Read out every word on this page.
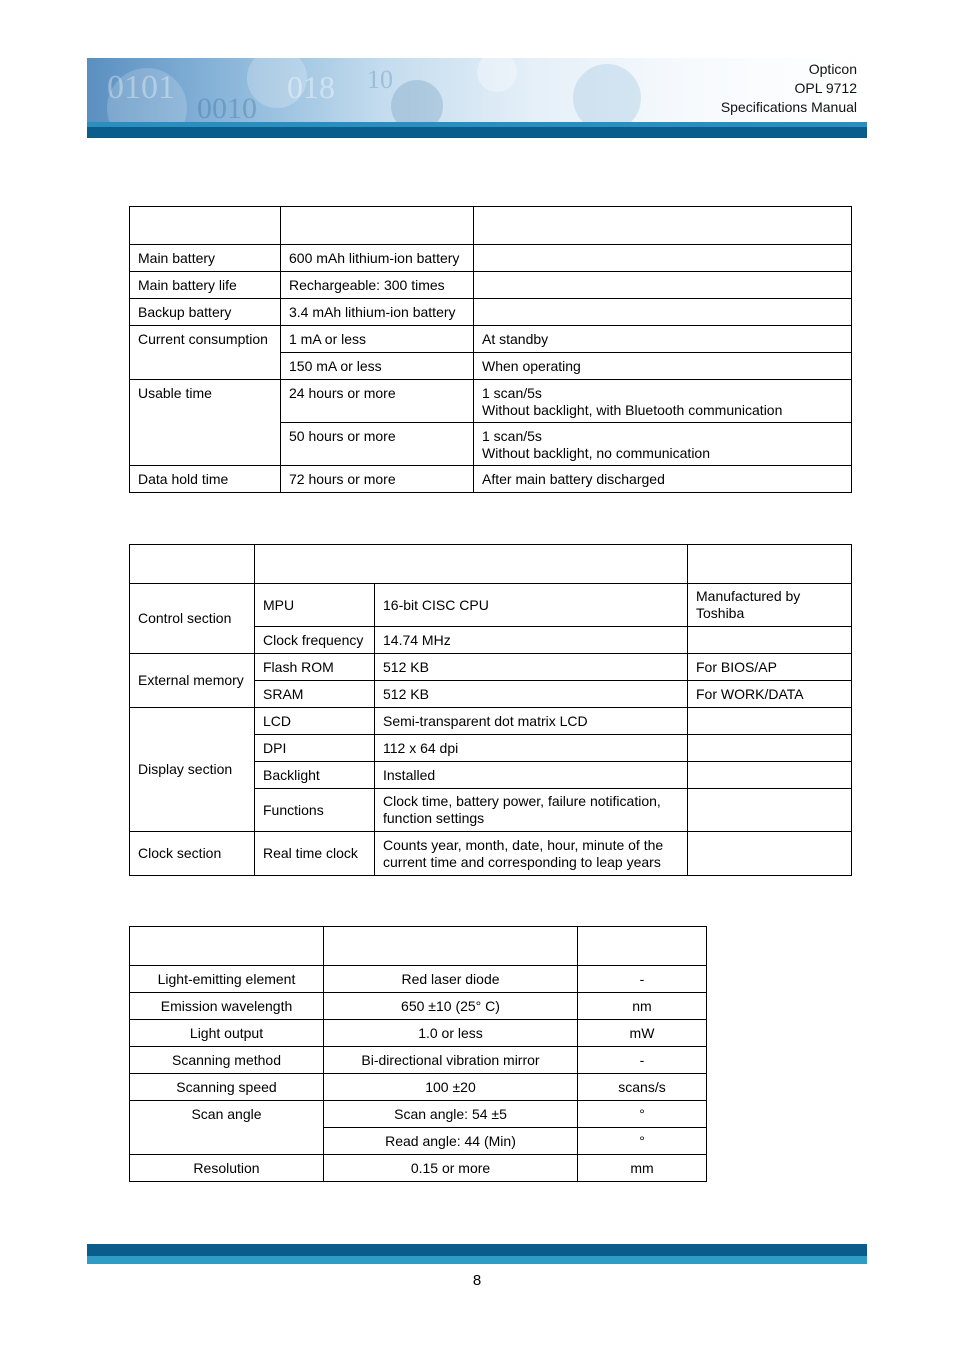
0101
0010
018 10	Opticon
OPL 9712
Specifications Manual

Main battery	600 mAh lithium-ion battery	
Main battery life	Rechargeable: 300 times	
Backup battery	3.4 mAh lithium-ion battery	
Current consumption	1 mA or less	At standby
	150 mA or less	When operating
Usable time	24 hours or more	1 scan/5s
Without backlight, with Bluetooth communication

	50 hours or more	1 scan/5s
Without backlight, no communication

Data hold time	72 hours or more	After main battery discharged

Control section	MPU	16-bit CISC CPU	Manufactured by
Toshiba

	Clock frequency	14.74 MHz	
External memory	Flash ROM	512 KB	For BIOS/AP
	SRAM	512 KB	For WORK/DATA
Display section	LCD	Semi-transparent dot matrix LCD	
	DPI	112 x 64 dpi	
	Backlight	Installed	
	Functions	Clock time, battery power, failure notification,
function settings	

Clock section	Real time clock	Counts year, month, date, hour, minute of the
current time and corresponding to leap years	

Light-emitting element	Red laser diode	-
Emission wavelength	650 ±10 (25° C)	nm
Light output	1.0 or less	mW
Scanning method	Bi-directional vibration mirror	-
Scanning speed	100 ±20	scans/s
Scan angle	Scan angle: 54 ±5	°
	Read angle: 44 (Min)	°
Resolution	0.15 or more	mm
8
